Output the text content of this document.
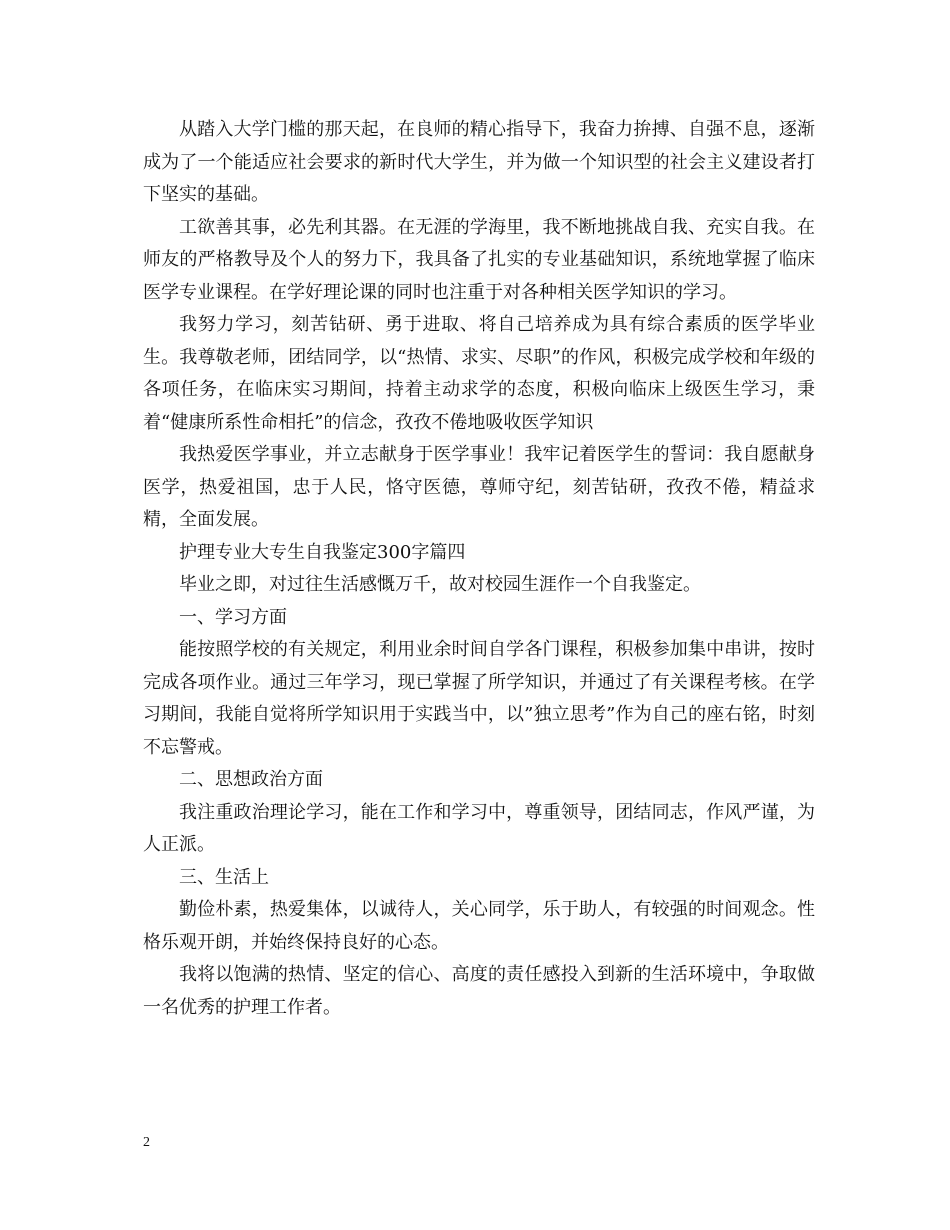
从踏入大学门槛的那天起，在良师的精心指导下，我奋力拚搏、自强不息，逐渐成为了一个能适应社会要求的新时代大学生，并为做一个知识型的社会主义建设者打下坚实的基础。

工欲善其事，必先利其器。在无涯的学海里，我不断地挑战自我、充实自我。在师友的严格教导及个人的努力下，我具备了扎实的专业基础知识，系统地掌握了临床医学专业课程。在学好理论课的同时也注重于对各种相关医学知识的学习。

我努力学习，刻苦钻研、勇于进取、将自己培养成为具有综合素质的医学毕业生。我尊敬老师，团结同学，以“热情、求实、尽职”的作风，积极完成学校和年级的各项任务，在临床实习期间，持着主动求学的态度，积极向临床上级医生学习，秉着“健康所系性命相托”的信念，孜孜不倦地吸收医学知识

我热爱医学事业，并立志献身于医学事业！我牢记着医学生的誓词：我自愿献身医学，热爱祖国，忠于人民，恪守医德，尊师守纪，刻苦钻研，孜孜不倦，精益求精，全面发展。

护理专业大专生自我鉴定300字篇四

毕业之即，对过往生活感慨万千，故对校园生涯作一个自我鉴定。

一、学习方面

能按照学校的有关规定，利用业余时间自学各门课程，积极参加集中串讲，按时完成各项作业。通过三年学习，现已掌握了所学知识，并通过了有关课程考核。在学习期间，我能自觉将所学知识用于实践当中，以”独立思考”作为自己的座右铭，时刻不忘警戒。

二、思想政治方面

我注重政治理论学习，能在工作和学习中，尊重领导，团结同志，作风严谨，为人正派。

三、生活上

勤俭朴素，热爱集体，以诚待人，关心同学，乐于助人，有较强的时间观念。性格乐观开朗，并始终保持良好的心态。

我将以饱满的热情、坚定的信心、高度的责任感投入到新的生活环境中，争取做一名优秀的护理工作者。

2
